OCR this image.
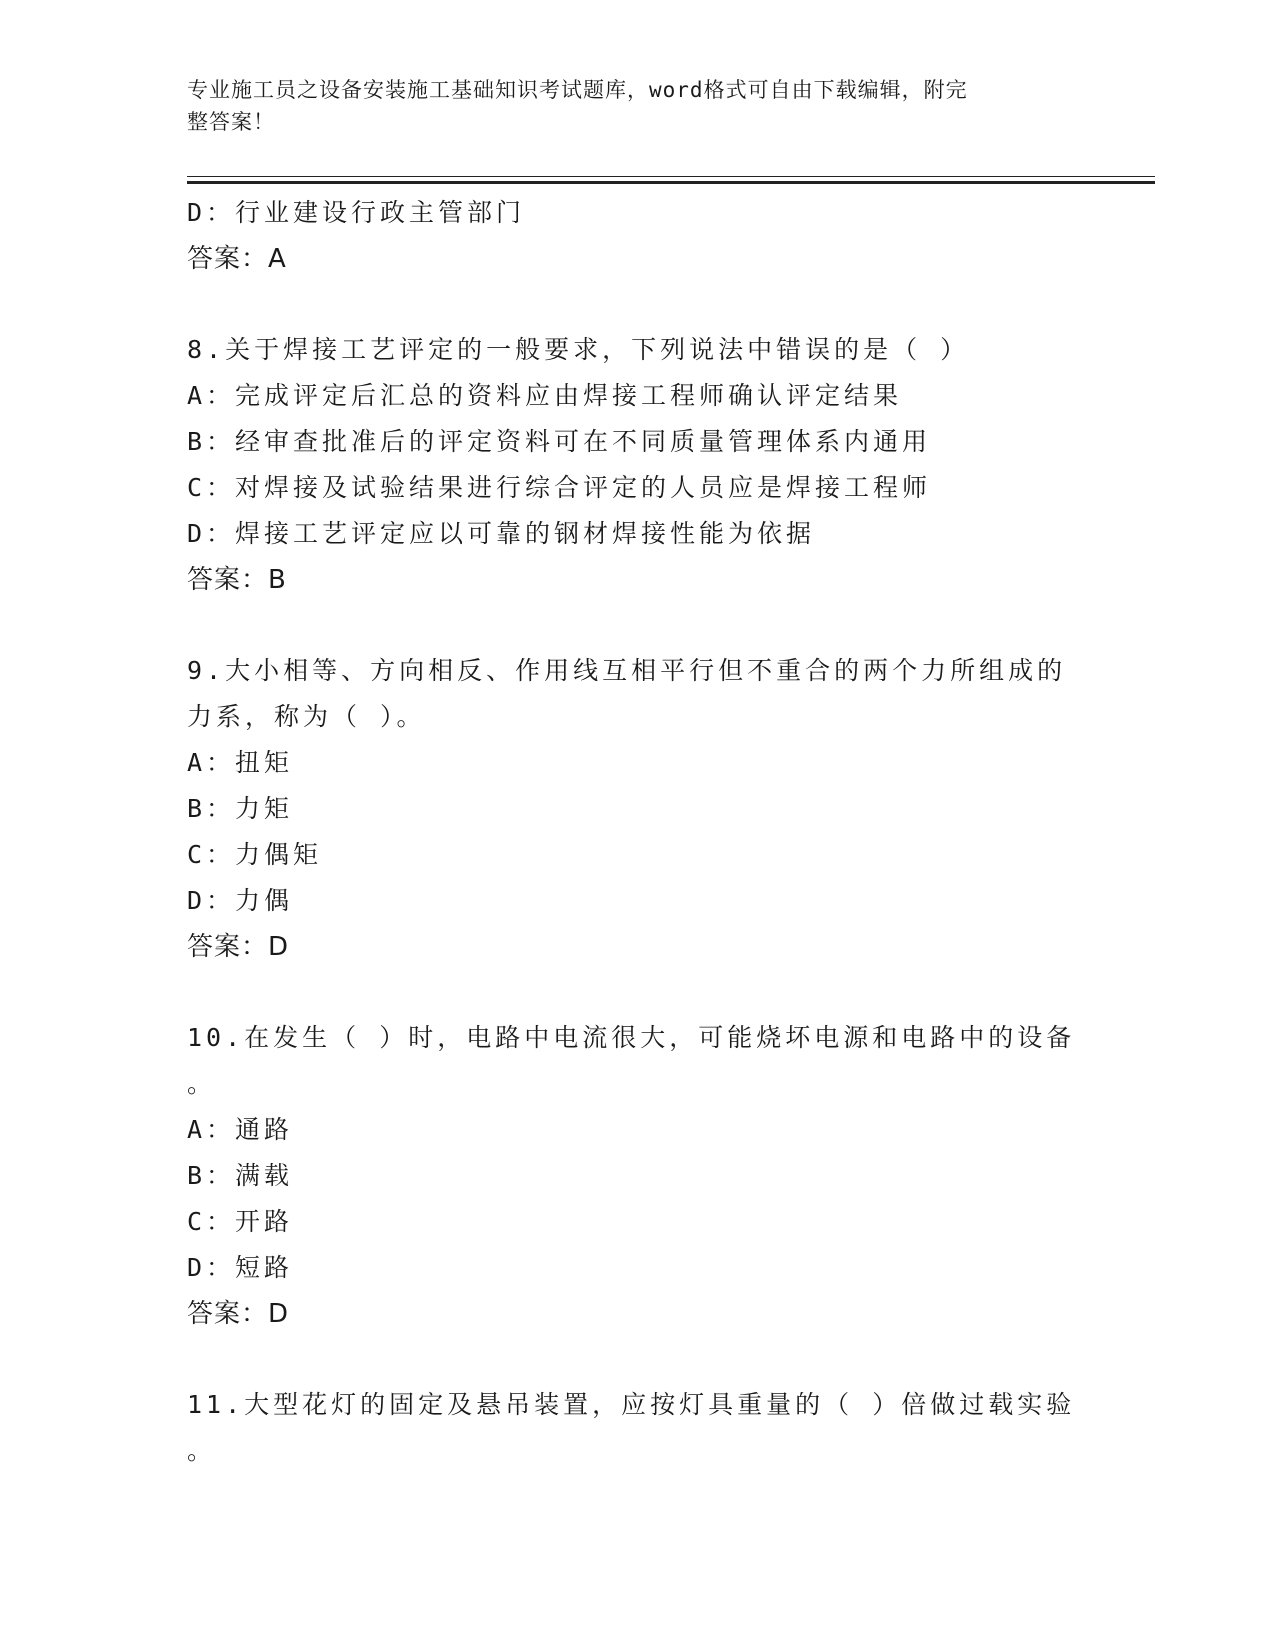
专业施工员之设备安装施工基础知识考试题库，word格式可自由下载编辑，附完
整答案！
D：行业建设行政主管部门
答案：A
8.关于焊接工艺评定的一般要求，下列说法中错误的是（ ）
A：完成评定后汇总的资料应由焊接工程师确认评定结果
B：经审查批准后的评定资料可在不同质量管理体系内通用
C：对焊接及试验结果进行综合评定的人员应是焊接工程师
D：焊接工艺评定应以可靠的钢材焊接性能为依据
答案：B
9.大小相等、方向相反、作用线互相平行但不重合的两个力所组成的
力系，称为（ ）。
A：扭矩
B：力矩
C：力偶矩
D：力偶
答案：D
10.在发生（ ）时，电路中电流很大，可能烧坏电源和电路中的设备
。
A：通路
B：满载
C：开路
D：短路
答案：D
11.大型花灯的固定及悬吊装置，应按灯具重量的（ ）倍做过载实验
。
